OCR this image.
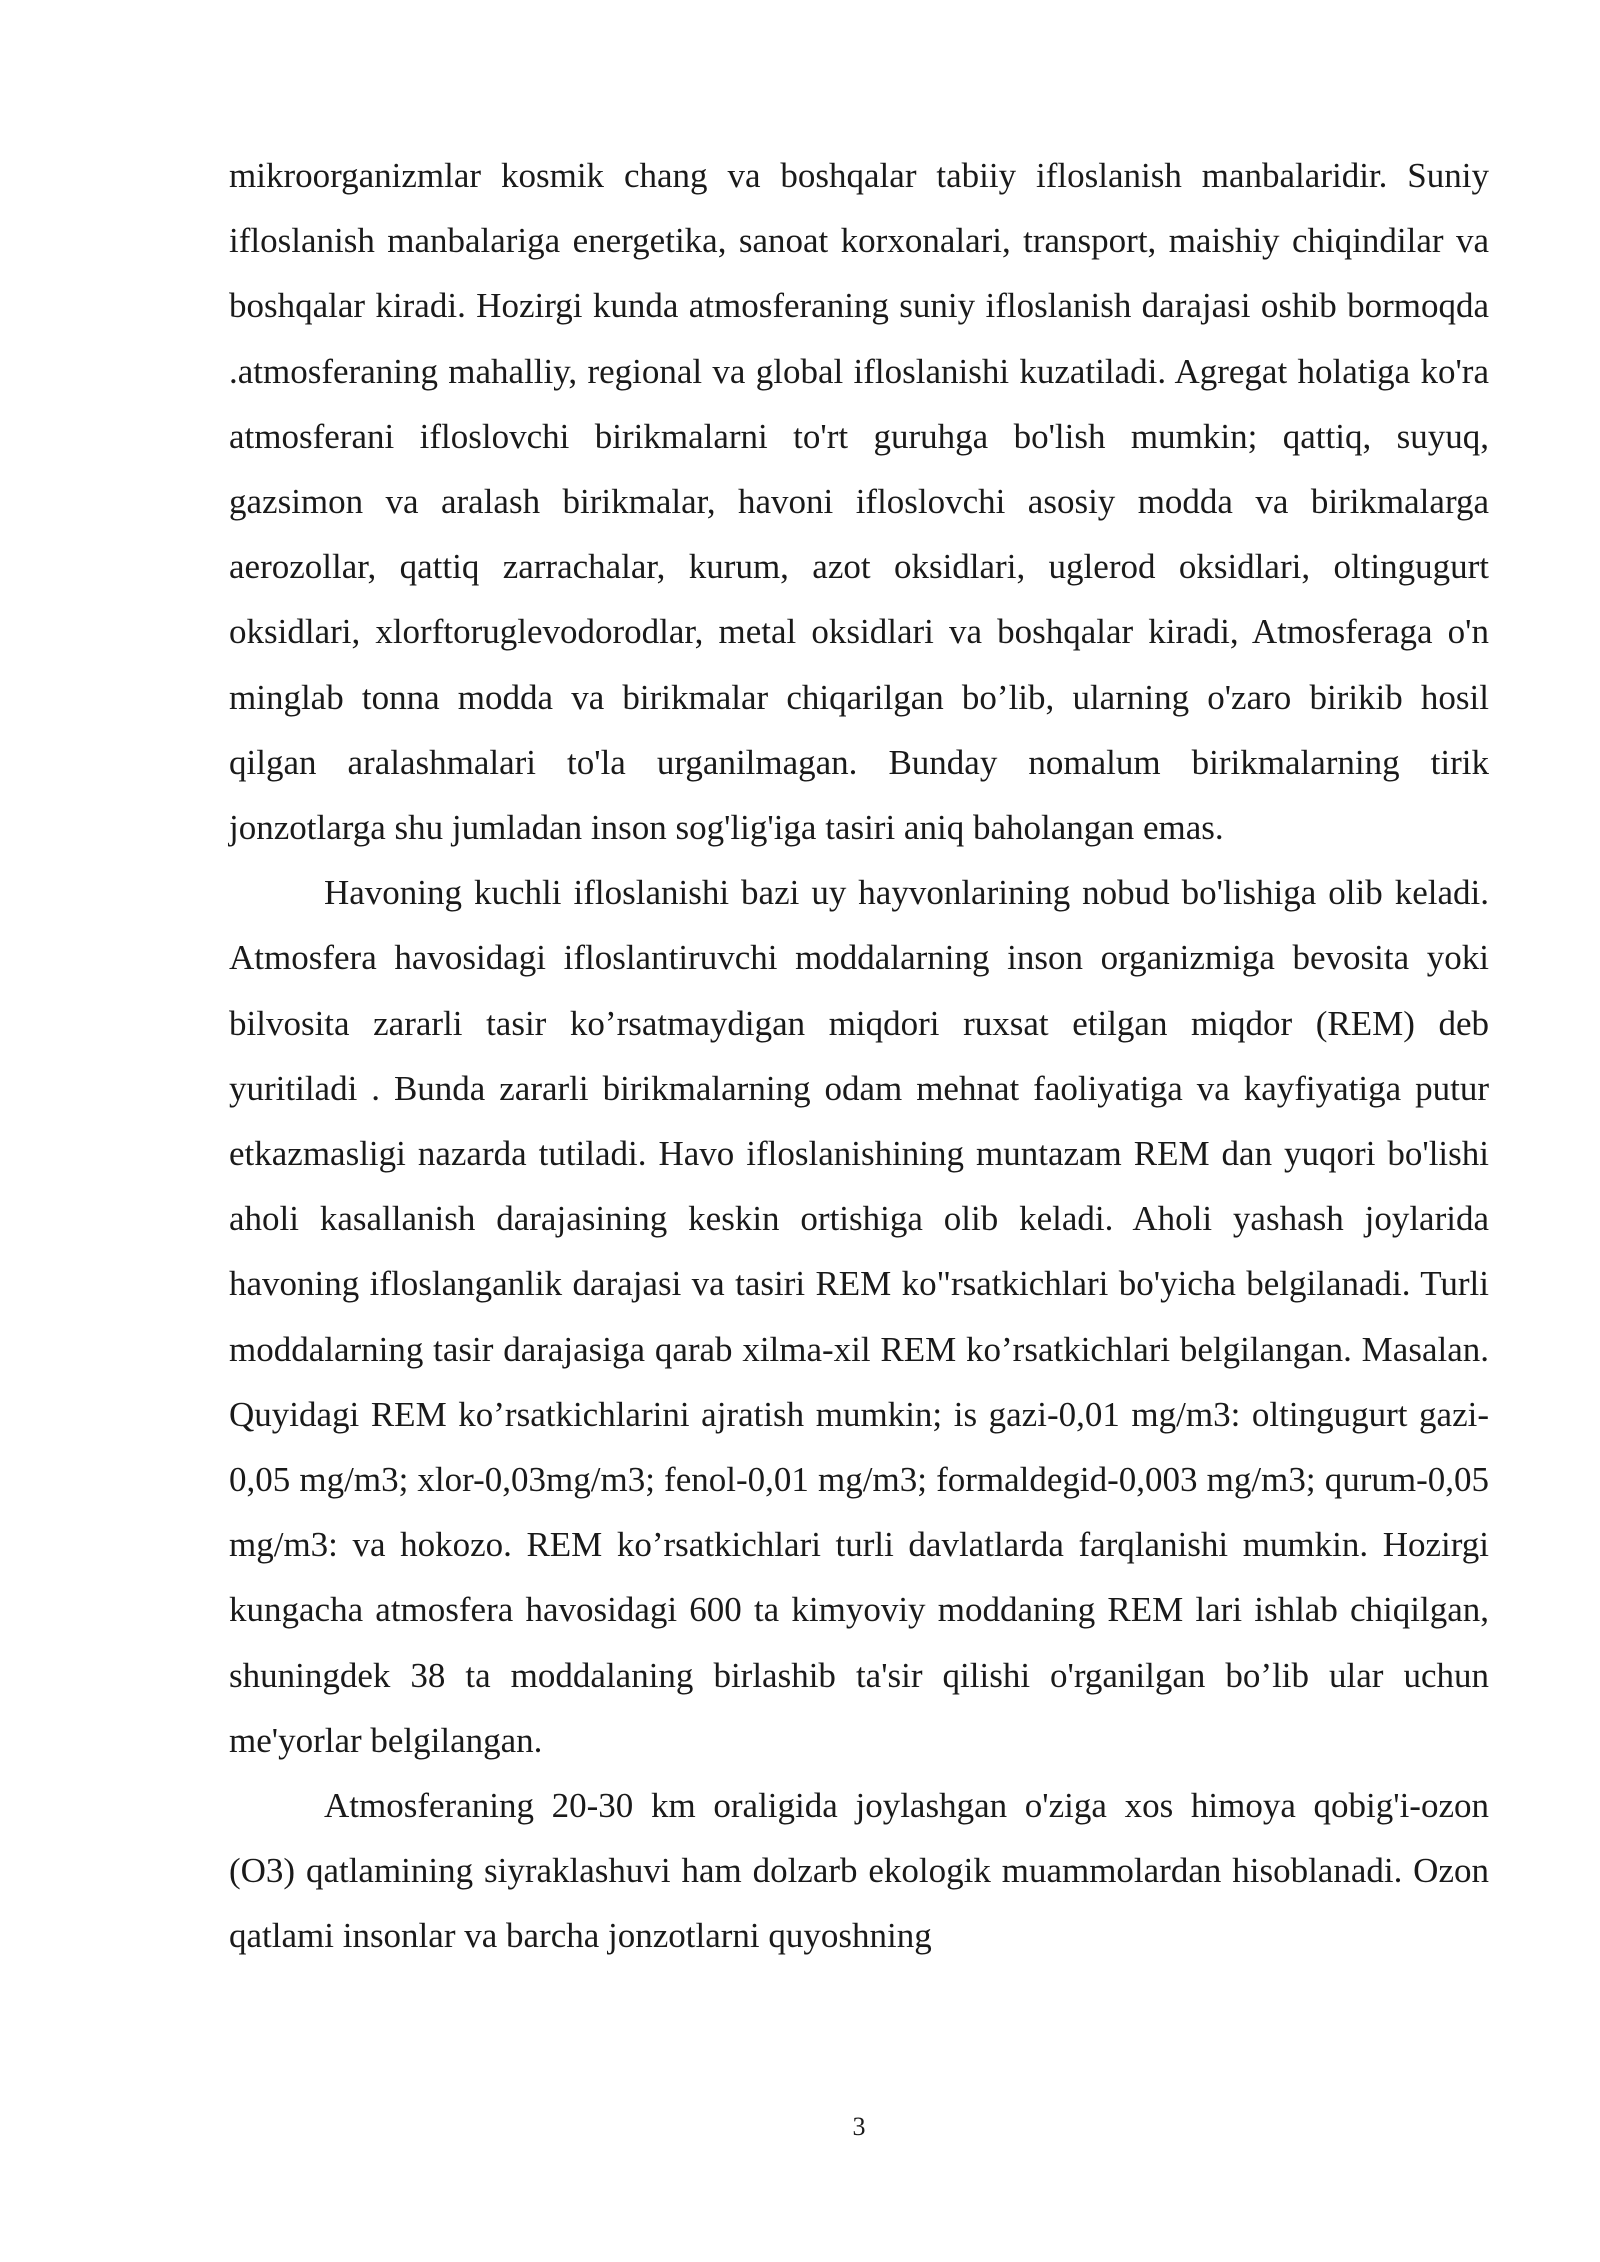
mikroorganizmlar kosmik chang va boshqalar tabiiy ifloslanish manbalaridir. Suniy ifloslanish manbalariga energetika, sanoat korxonalari, transport, maishiy chiqindilar va boshqalar kiradi. Hozirgi kunda atmosferaning suniy ifloslanish darajasi oshib bormoqda .atmosferaning mahalliy, regional va global ifloslanishi kuzatiladi. Agregat holatiga ko'ra atmosferani ifloslovchi birikmalarni to'rt guruhga bo'lish mumkin; qattiq, suyuq, gazsimon va aralash birikmalar, havoni ifloslovchi asosiy modda va birikmalarga aerozollar, qattiq zarrachalar, kurum, azot oksidlari, uglerod oksidlari, oltingugurt oksidlari, xlorftoruglevodorodlar, metal oksidlari va boshqalar kiradi, Atmosferaga o'n minglab tonna modda va birikmalar chiqarilgan bo’lib, ularning o'zaro birikib hosil qilgan aralashmalari to'la urganilmagan. Bunday nomalum birikmalarning tirik jonzotlarga shu jumladan inson sog'lig'iga tasiri aniq baholangan emas.

Havoning kuchli ifloslanishi bazi uy hayvonlarining nobud bo'lishiga olib keladi. Atmosfera havosidagi ifloslantiruvchi moddalarning inson organizmiga bevosita yoki bilvosita zararli tasir ko’rsatmaydigan miqdori ruxsat etilgan miqdor (REM) deb yuritiladi . Bunda zararli birikmalarning odam mehnat faoliyatiga va kayfiyatiga putur etkazmasligi nazarda tutiladi. Havo ifloslanishining muntazam REM dan yuqori bo'lishi aholi kasallanish darajasining keskin ortishiga olib keladi. Aholi yashash joylarida havoning ifloslanganlik darajasi va tasiri REM ko"rsatkichlari bo'yicha belgilanadi. Turli moddalarning tasir darajasiga qarab xilma-xil REM ko’rsatkichlari belgilangan. Masalan. Quyidagi REM ko’rsatkichlarini ajratish mumkin; is gazi-0,01 mg/m3: oltingugurt gazi-0,05 mg/m3; xlor-0,03mg/m3; fenol-0,01 mg/m3; formaldegid-0,003 mg/m3; qurum-0,05 mg/m3: va hokozo. REM ko’rsatkichlari turli davlatlarda farqlanishi mumkin. Hozirgi kungacha atmosfera havosidagi 600 ta kimyoviy moddaning REM lari ishlab chiqilgan, shuningdek 38 ta moddalaning birlashib ta'sir qilishi o'rganilgan bo’lib ular uchun me'yorlar belgilangan.

Atmosferaning 20-30 km oraligida joylashgan o'ziga xos himoya qobig'i-ozon (O3) qatlamining siyraklashuvi ham dolzarb ekologik muammolardan hisoblanadi. Ozon qatlami insonlar va barcha jonzotlarni quyoshning

3
